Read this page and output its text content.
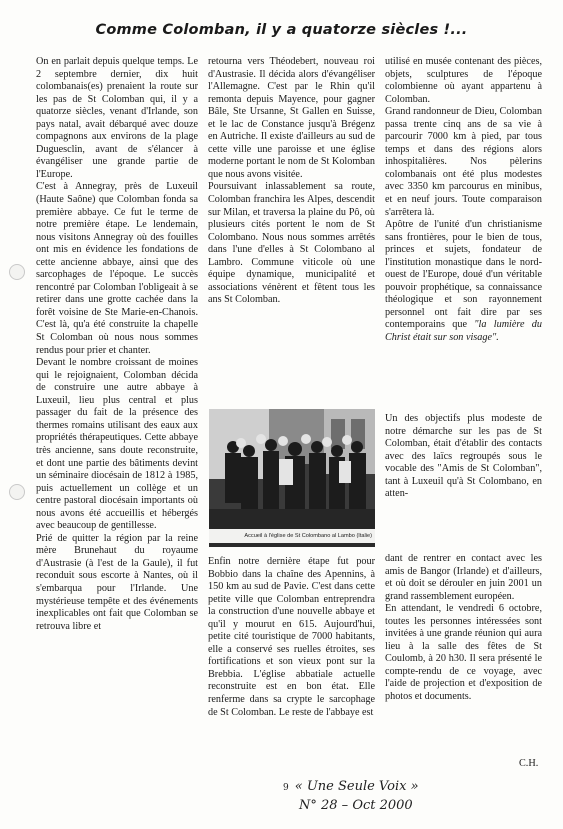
Comme Colomban, il y a quatorze siècles !...

On en parlait depuis quelque temps. Le 2 septembre dernier, dix huit colombanais(es) prenaient la route sur les pas de St Colomban qui, il y a quatorze siècles, venant d'Irlande, son pays natal, avait débarqué avec douze compagnons aux environs de la plage Duguesclin, avant de s'élancer à évangéliser une grande partie de l'Europe.

C'est à Annegray, près de Luxeuil (Haute Saône) que Colomban fonda sa première abbaye. Ce fut le terme de notre première étape. Le lendemain, nous visitons Annegray où des fouilles ont mis en évidence les fondations de cette ancienne abbaye, ainsi que des sarcophages de l'époque. Le succès rencontré par Colomban l'obligeait à se retirer dans une grotte cachée dans la forêt voisine de Ste Marie-en-Chanois. C'est là, qu'a été construite la chapelle St Colomban où nous nous sommes rendus pour prier et chanter.

Devant le nombre croissant de moines qui le rejoignaient, Colomban décida de construire une autre abbaye à Luxeuil, lieu plus central et plus passager du fait de la présence des thermes romains utilisant des eaux aux propriétés thérapeutiques. Cette abbaye très ancienne, sans doute reconstruite, et dont une partie des bâtiments devint un séminaire diocésain de 1812 à 1985, puis actuellement un collège et un centre pastoral diocésain importants où nous avons été accueillis et hébergés avec beaucoup de gentillesse.

Prié de quitter la région par la reine mère Brunehaut du royaume d'Austrasie (à l'est de la Gaule), il fut reconduit sous escorte à Nantes, où il s'embarqua pour l'Irlande. Une mystérieuse tempête et des événements inexplicables ont fait que Colomban se retrouva libre et

retourna vers Théodebert, nouveau roi d'Austrasie. Il décida alors d'évangéliser l'Allemagne. C'est par le Rhin qu'il remonta depuis Mayence, pour gagner Bâle, Ste Ursanne, St Gallen en Suisse, et le lac de Constance jusqu'à Brégenz en Autriche. Il existe d'ailleurs au sud de cette ville une paroisse et une église moderne portant le nom de St Kolomban que nous avons visitée.

Poursuivant inlassablement sa route, Colomban franchira les Alpes, descendit sur Milan, et traversa la plaine du Pô, où plusieurs cités portent le nom de St Colombano. Nous nous sommes arrêtés dans l'une d'elles à St Colombano al Lambro. Commune viticole où une équipe dynamique, municipalité et associations vénèrent et fêtent tous les ans St Colomban.

Accueil à l'église de St Colombano al Lambo (Italie)

Enfin notre dernière étape fut pour Bobbio dans la chaîne des Apennins, à 150 km au sud de Pavie. C'est dans cette petite ville que Colomban entreprendra la construction d'une nouvelle abbaye et qu'il y mourut en 615. Aujourd'hui, petite cité touristique de 7000 habitants, elle a conservé ses ruelles étroites, ses fortifications et son vieux pont sur la Brebbia. L'église abbatiale actuelle reconstruite est en bon état. Elle renferme dans sa crypte le sarcophage de St Colomban. Le reste de l'abbaye est

utilisé en musée contenant des pièces, objets, sculptures de l'époque colombienne où ayant appartenu à Colomban.

Grand randonneur de Dieu, Colomban passa trente cinq ans de sa vie à parcourir 7000 km à pied, par tous temps et dans des régions alors inhospitalières. Nos pèlerins colombanais ont été plus modestes avec 3350 km parcourus en minibus, et en neuf jours. Toute comparaison s'arrêtera là.

Apôtre de l'unité d'un christianisme sans frontières, pour le bien de tous, princes et sujets, fondateur de l'institution monastique dans le nord-ouest de l'Europe, doué d'un véritable pouvoir prophétique, sa connaissance théologique et son rayonnement personnel ont fait dire par ses contemporains que "la lumière du Christ était sur son visage".

Un des objectifs plus modeste de notre démarche sur les pas de St Colomban, était d'établir des contacts avec des laïcs regroupés sous le vocable des "Amis de St Colomban", tant à Luxeuil qu'à St Colombano, en atten-

dant de rentrer en contact avec les amis de Bangor (Irlande) et d'ailleurs, et où doit se dérouler en juin 2001 un grand rassemblement européen.

En attendant, le vendredi 6 octobre, toutes les personnes intéressées sont invitées à une grande réunion qui aura lieu à la salle des fêtes de St Coulomb, à 20 h30. Il sera présenté le compte-rendu de ce voyage, avec l'aide de projection et d'exposition de photos et documents.

C.H.
9 « Une Seule Voix »
N° 28 – Oct 2000
